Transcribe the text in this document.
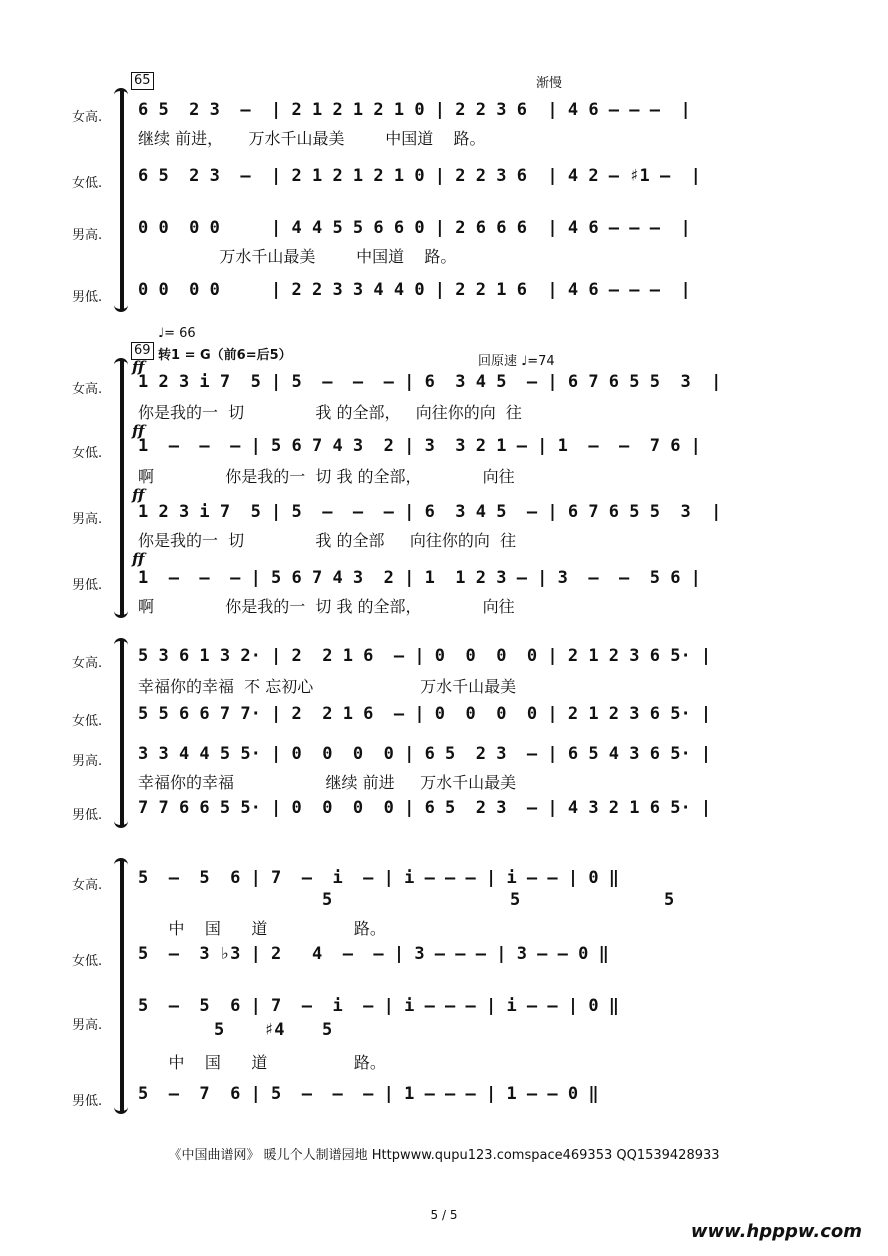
65	渐慢
女高.	6 5  2 3  –  | 2 1 2 1 2 1 0 | 2 2 3 6  | 4 6 – – –  |
继续 前进，     万水千山最美        中国道    路。
女低.	6 5  2 3  –  | 2 1 2 1 2 1 0 | 2 2 3 6  | 4 2 – ♯1 –  |
男高.	0 0  0 0     | 4 4 5 5 6 6 0 | 2 6 6 6  | 4 6 – – –  |
万水千山最美        中国道    路。
男低.	0 0  0 0     | 2 2 3 3 4 4 0 | 2 2 1 6  | 4 6 – – –  |
♩= 66
69 转1 = G（前6=后5）	回原速 ♩=74
ff
女高.	1 2 3 i 7  5 | 5  –  –  – | 6  3 4 5  – | 6 7 6 5 5  3  |
你是我的一  切              我 的全部，   向往你的向  往
ff
女低.	1  –  –  – | 5 6 7 4 3  2 | 3  3 2 1 – | 1  –  –  7 6 |
啊              你是我的一  切 我 的全部，            向往
ff
男高.	1 2 3 i 7  5 | 5  –  –  – | 6  3 4 5  – | 6 7 6 5 5  3  |
你是我的一  切              我 的全部     向往你的向  往
ff
男低.	1  –  –  – | 5 6 7 4 3  2 | 1  1 2 3 – | 3  –  –  5 6 |
啊              你是我的一  切 我 的全部，            向往
女高.	5 3 6 1 3 2· | 2  2 1 6  – | 0  0  0  0 | 2 1 2 3 6 5· |
幸福你的幸福  不 忘初心                     万水千山最美
女低.	5 5 6 6 7 7· | 2  2 1 6  – | 0  0  0  0 | 2 1 2 3 6 5· |
男高.	3 3 4 4 5 5· | 0  0  0  0 | 6 5  2 3  – | 6 5 4 3 6 5· |
幸福你的幸福                  继续 前进     万水千山最美
男低.	7 7 6 6 5 5· | 0  0  0  0 | 6 5  2 3  – | 4 3 2 1 6 5· |
女高.	5  –  5  6 | 7  –  i  – | i – – – | i – – | 0 ‖
5	5	5
中    国      道                 路。
女低.	5  –  3 ♭3 | 2   4  –  – | 3 – – – | 3 – – 0 ‖
男高.
5  –  5  6 | 7  –  i  – | i – – – | i – – | 0 ‖
5 ♯4 5
中    国      道                 路。
男低.	5  –  7  6 | 5  –  –  – | 1 – – – | 1 – – 0 ‖
《中国曲谱网》 暖儿个人制谱园地 Httpwww.qupu123.comspace469353 QQ1539428933
5 / 5
www.hpppw.com
